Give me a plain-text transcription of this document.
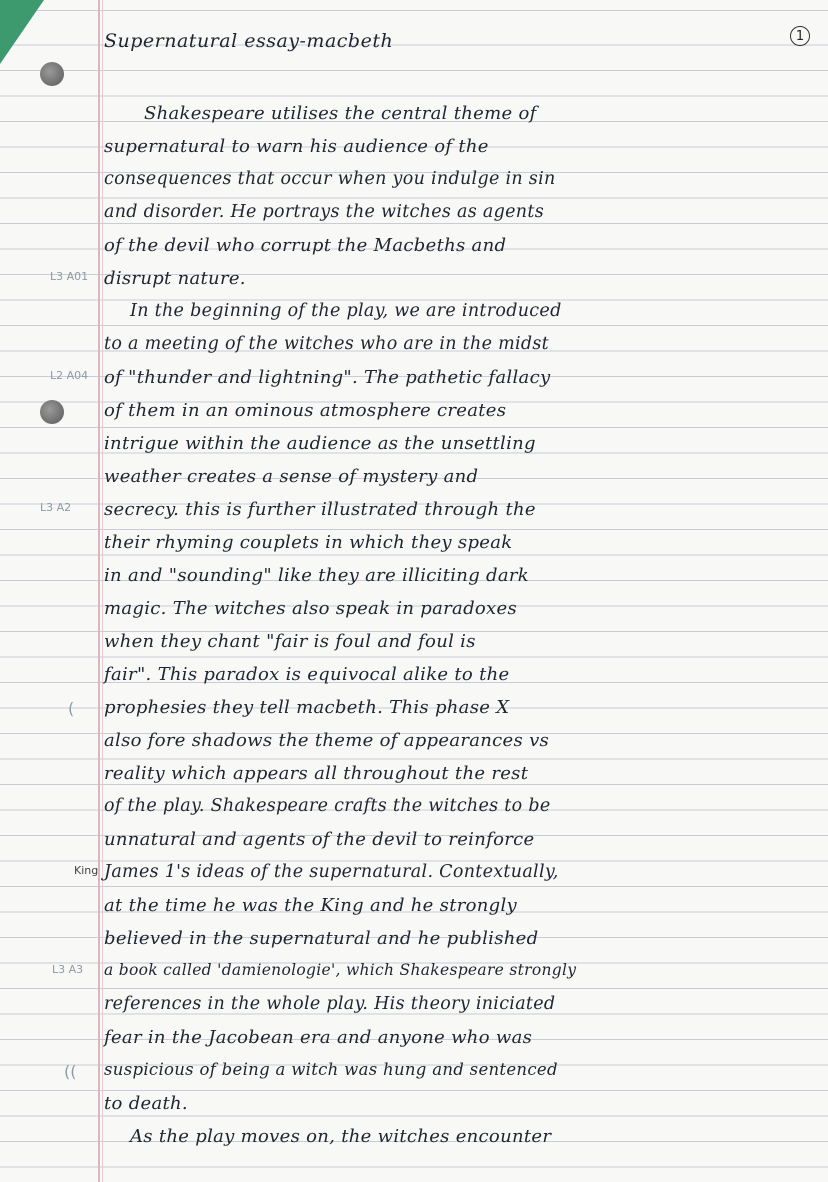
1
Supernatural essay-macbeth
L3 A01
L2 A04
L3 A2
(
King
L3 A3
((
Shakespeare utilises the central theme of
supernatural to warn his audience of the
consequences that occur when you indulge in sin
and disorder. He portrays the witches as agents
of the devil who corrupt the Macbeths and
disrupt nature.
In the beginning of the play, we are introduced
to a meeting of the witches who are in the midst
of "thunder and lightning". The pathetic fallacy
of them in an ominous atmosphere creates
intrigue within the audience as the unsettling
weather creates a sense of mystery and
secrecy. this is further illustrated through the
their rhyming couplets in which they speak
in and "sounding" like they are illiciting dark
magic. The witches also speak in paradoxes
when they chant "fair is foul and foul is
fair". This paradox is equivocal alike to the
prophesies they tell macbeth. This phase X
also fore shadows the theme of appearances vs
reality which appears all throughout the rest
of the play. Shakespeare crafts the witches to be
unnatural and agents of the devil to reinforce
James 1's ideas of the supernatural. Contextually,
at the time he was the King and he strongly
believed in the supernatural and he published
a book called 'damienologie', which Shakespeare strongly
references in the whole play. His theory iniciated
fear in the Jacobean era and anyone who was
suspicious of being a witch was hung and sentenced
to death.
As the play moves on, the witches encounter
